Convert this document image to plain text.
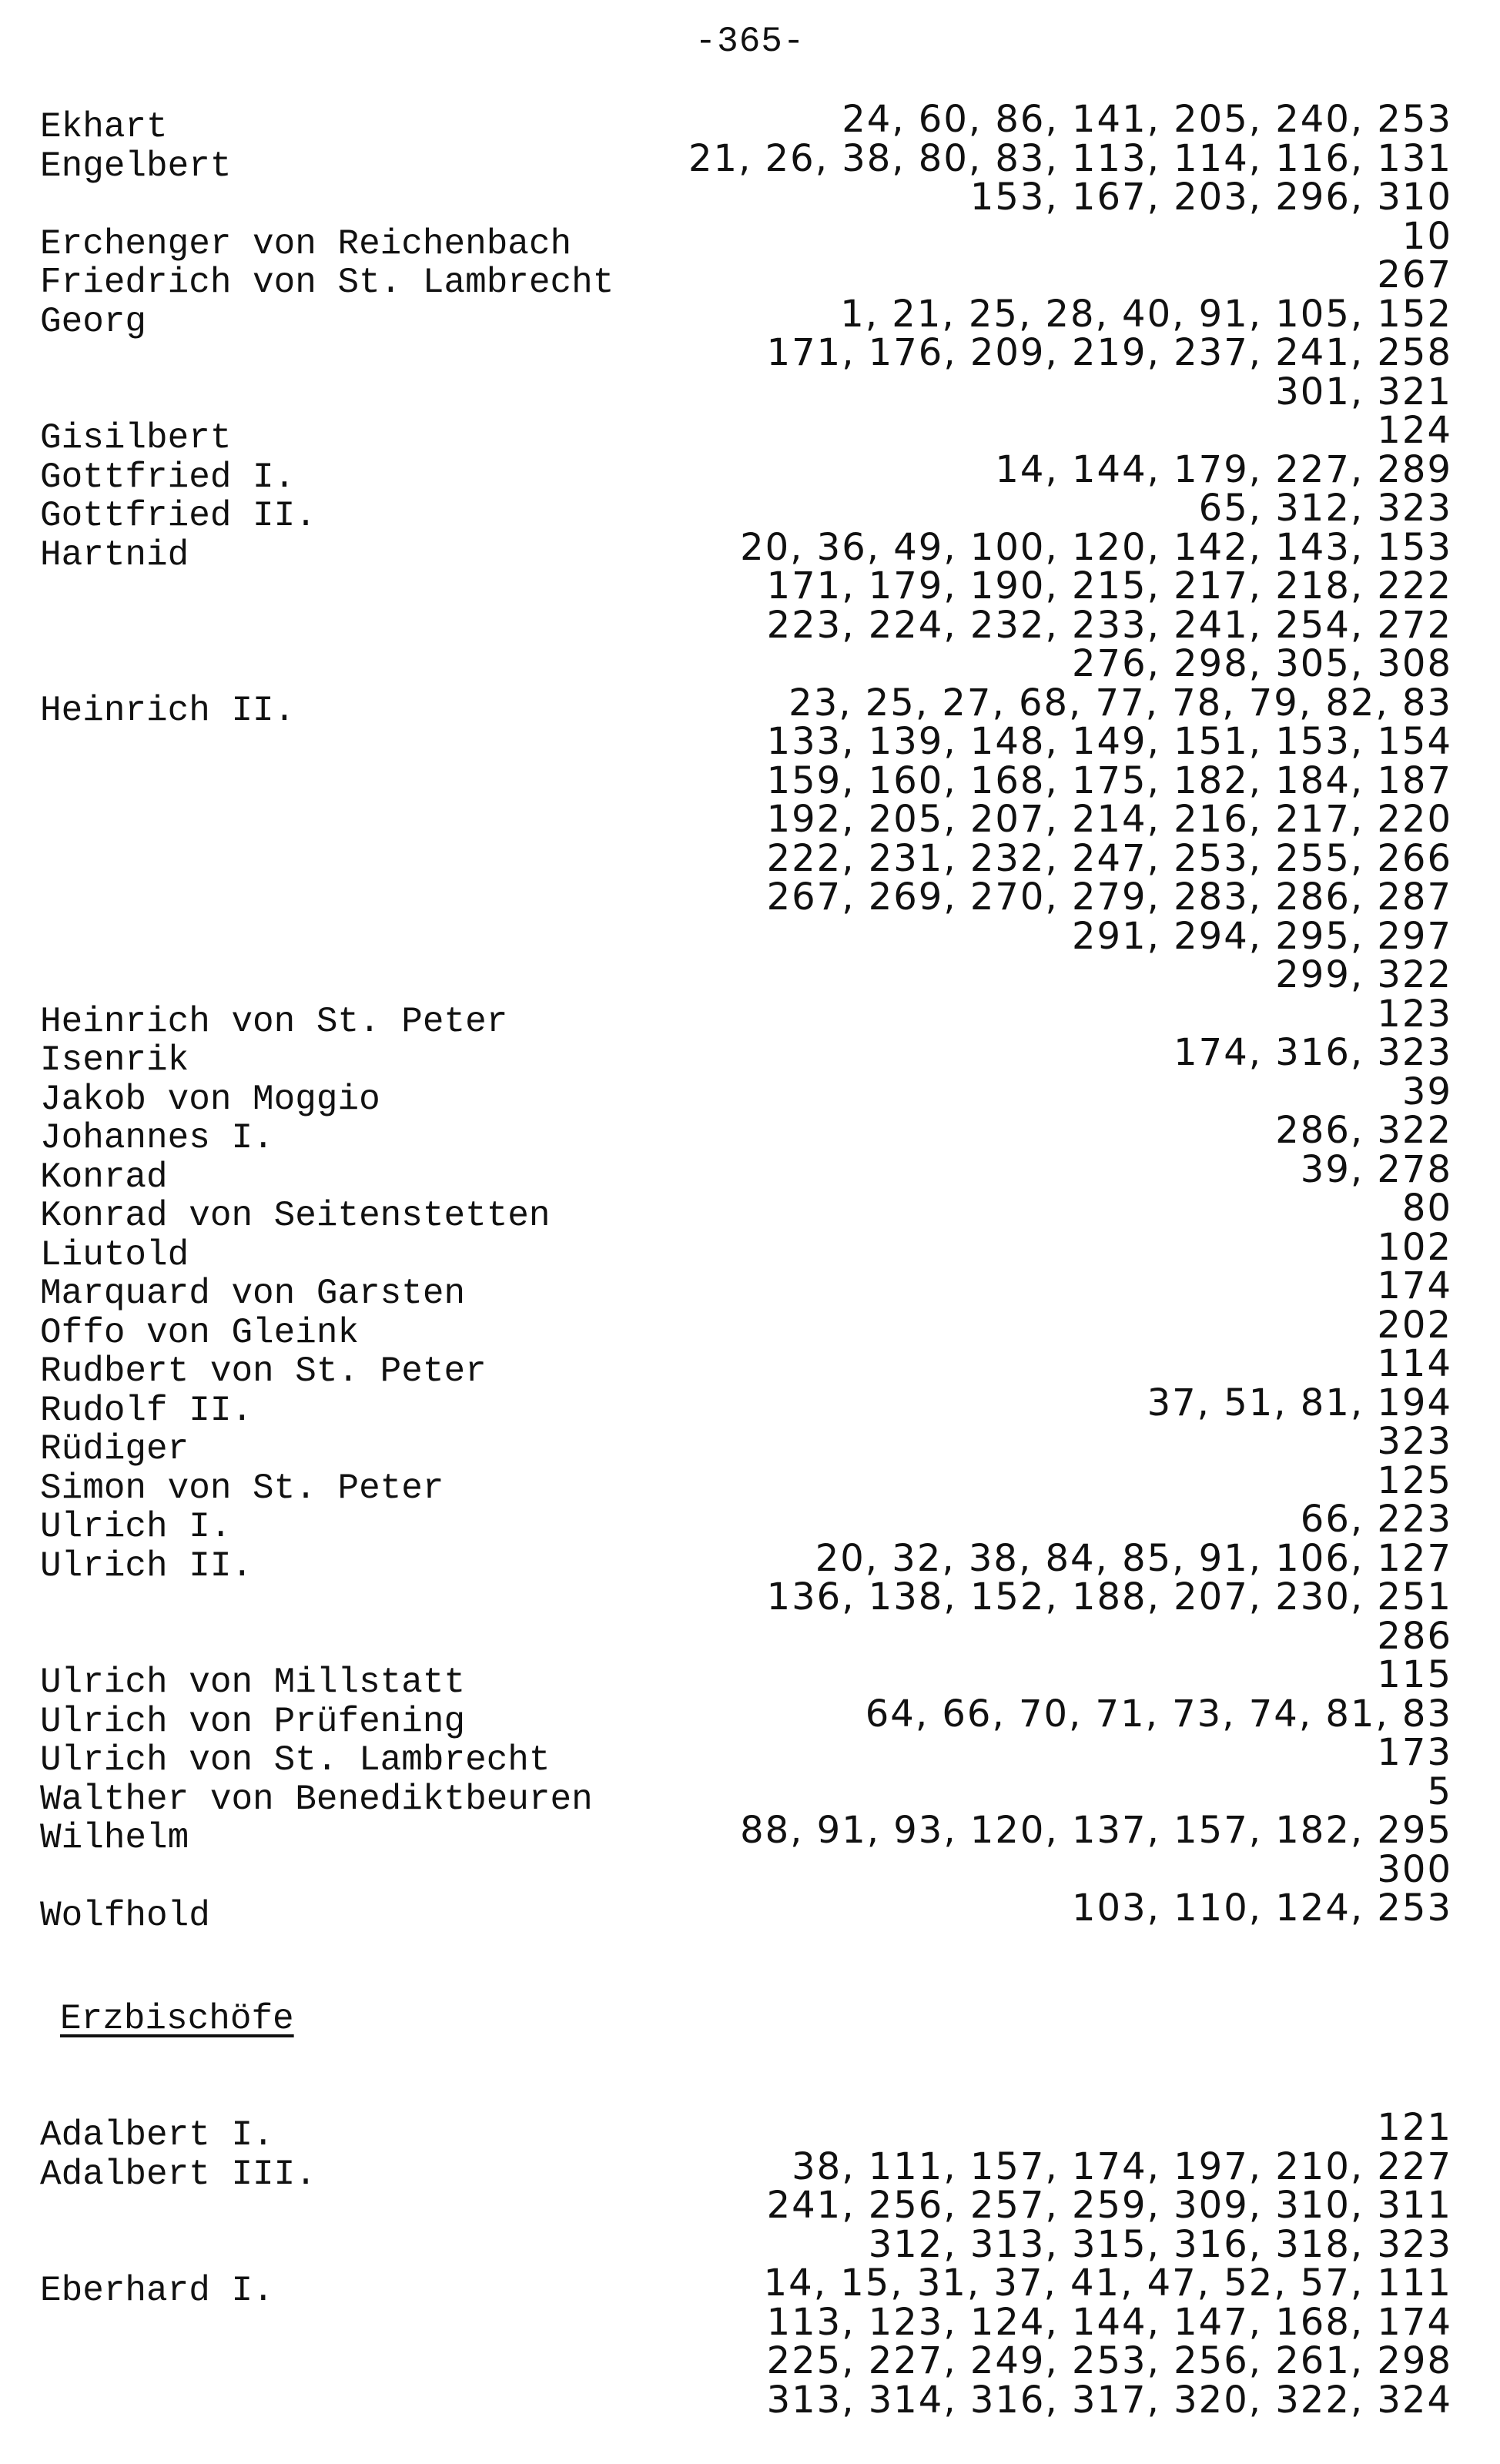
-365-
Ekhart	24, 60, 86, 141, 205, 240, 253
Engelbert	21, 26, 38, 80, 83, 113, 114, 116, 131
153, 167, 203, 296, 310
Erchenger von Reichenbach	10
Friedrich von St. Lambrecht	267
Georg	1, 21, 25, 28, 40, 91, 105, 152
171, 176, 209, 219, 237, 241, 258
301, 321
Gisilbert	124
Gottfried I.	14, 144, 179, 227, 289
Gottfried II.	65, 312, 323
Hartnid	20, 36, 49, 100, 120, 142, 143, 153
171, 179, 190, 215, 217, 218, 222
223, 224, 232, 233, 241, 254, 272
276, 298, 305, 308
Heinrich II.	23, 25, 27, 68, 77, 78, 79, 82, 83
133, 139, 148, 149, 151, 153, 154
159, 160, 168, 175, 182, 184, 187
192, 205, 207, 214, 216, 217, 220
222, 231, 232, 247, 253, 255, 266
267, 269, 270, 279, 283, 286, 287
291, 294, 295, 297
299, 322
Heinrich von St. Peter	123
Isenrik	174, 316, 323
Jakob von Moggio	39
Johannes I.	286, 322
Konrad	39, 278
Konrad von Seitenstetten	80
Liutold	102
Marquard von Garsten	174
Offo von Gleink	202
Rudbert von St. Peter	114
Rudolf II.	37, 51, 81, 194
Rüdiger	323
Simon von St. Peter	125
Ulrich I.	66, 223
Ulrich II.	20, 32, 38, 84, 85, 91, 106, 127
136, 138, 152, 188, 207, 230, 251
286
Ulrich von Millstatt	115
Ulrich von Prüfening	64, 66, 70, 71, 73, 74, 81, 83
Ulrich von St. Lambrecht	173
Walther von Benediktbeuren	5
Wilhelm	88, 91, 93, 120, 137, 157, 182, 295
300
Wolfhold	103, 110, 124, 253
Erzbischöfe
Adalbert I.	121
Adalbert III.	38, 111, 157, 174, 197, 210, 227
241, 256, 257, 259, 309, 310, 311
312, 313, 315, 316, 318, 323
Eberhard I.	14, 15, 31, 37, 41, 47, 52, 57, 111
113, 123, 124, 144, 147, 168, 174
225, 227, 249, 253, 256, 261, 298
313, 314, 316, 317, 320, 322, 324
